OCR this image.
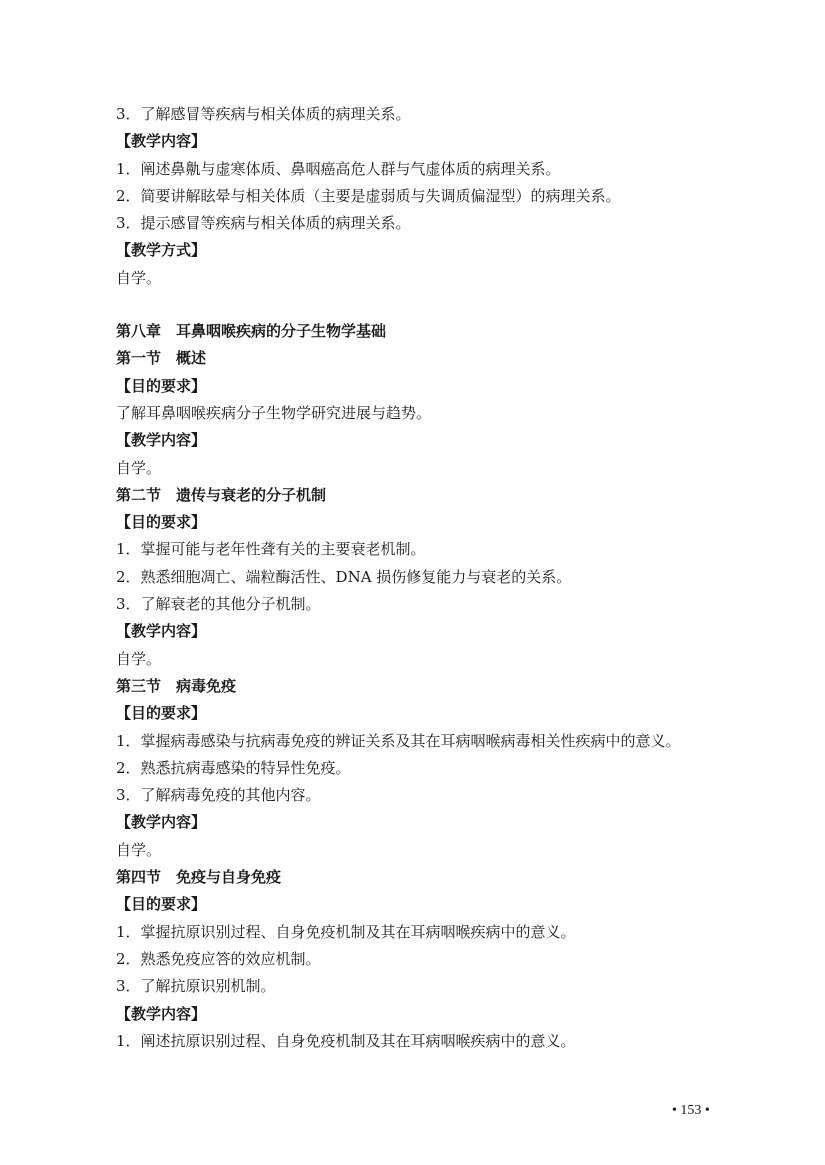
3．了解感冒等疾病与相关体质的病理关系。
【教学内容】
1．阐述鼻鼽与虚寒体质、鼻咽癌高危人群与气虚体质的病理关系。
2．简要讲解眩晕与相关体质（主要是虚弱质与失调质偏湿型）的病理关系。
3．提示感冒等疾病与相关体质的病理关系。
【教学方式】
自学。
第八章　耳鼻咽喉疾病的分子生物学基础
第一节　概述
【目的要求】
了解耳鼻咽喉疾病分子生物学研究进展与趋势。
【教学内容】
自学。
第二节　遗传与衰老的分子机制
【目的要求】
1．掌握可能与老年性聋有关的主要衰老机制。
2．熟悉细胞凋亡、端粒酶活性、DNA 损伤修复能力与衰老的关系。
3．了解衰老的其他分子机制。
【教学内容】
自学。
第三节　病毒免疫
【目的要求】
1．掌握病毒感染与抗病毒免疫的辨证关系及其在耳病咽喉病毒相关性疾病中的意义。
2．熟悉抗病毒感染的特异性免疫。
3．了解病毒免疫的其他内容。
【教学内容】
自学。
第四节　免疫与自身免疫
【目的要求】
1．掌握抗原识别过程、自身免疫机制及其在耳病咽喉疾病中的意义。
2．熟悉免疫应答的效应机制。
3．了解抗原识别机制。
【教学内容】
1．阐述抗原识别过程、自身免疫机制及其在耳病咽喉疾病中的意义。
• 153 •
